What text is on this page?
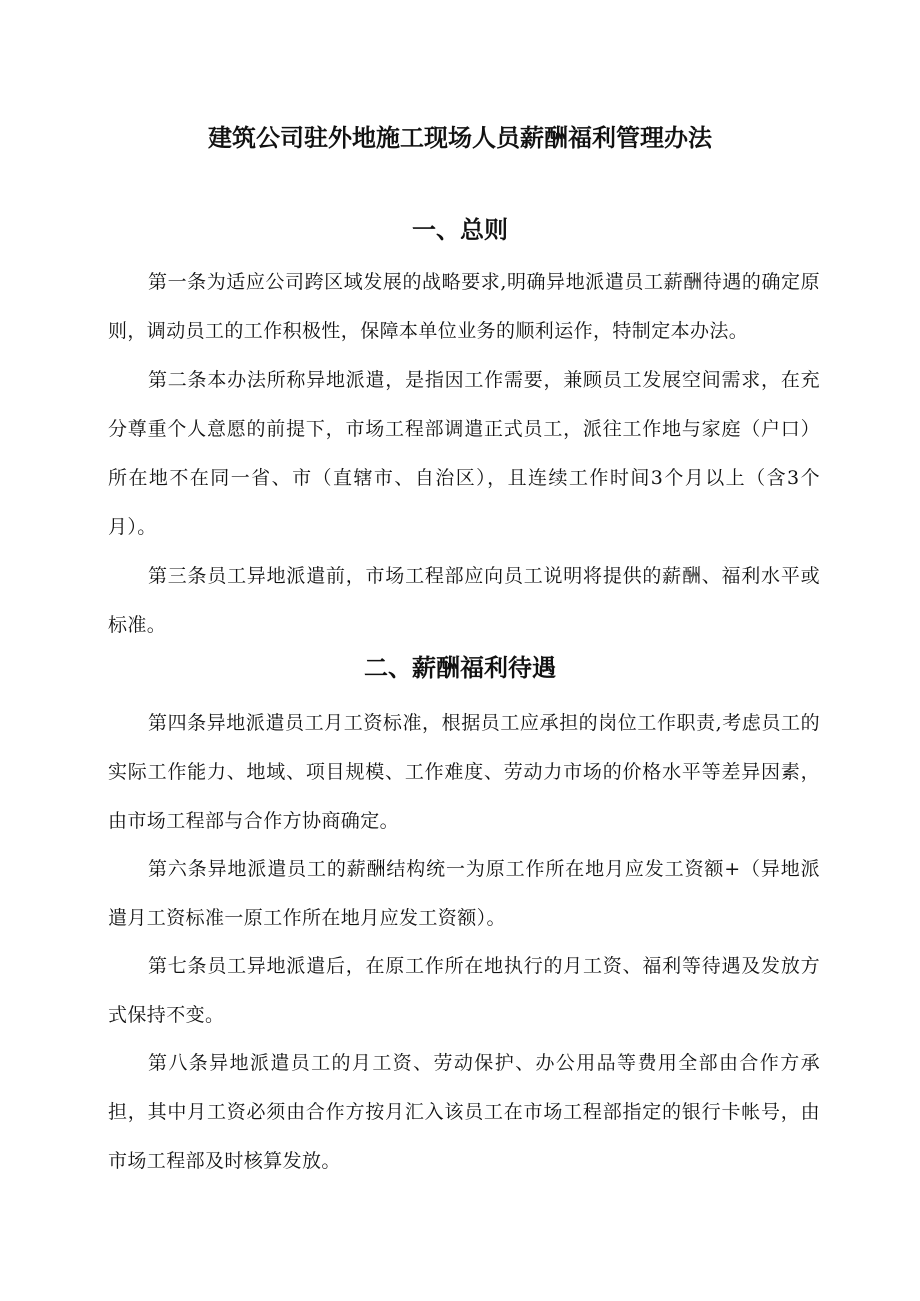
建筑公司驻外地施工现场人员薪酬福利管理办法
一、总则

第一条为适应公司跨区域发展的战略要求,明确异地派遣员工薪酬待遇的确定原则，调动员工的工作积极性，保障本单位业务的顺利运作，特制定本办法。

第二条本办法所称异地派遣，是指因工作需要，兼顾员工发展空间需求，在充分尊重个人意愿的前提下，市场工程部调遣正式员工，派往工作地与家庭（户口）所在地不在同一省、市（直辖市、自治区），且连续工作时间3个月以上（含3个月）。

第三条员工异地派遣前，市场工程部应向员工说明将提供的薪酬、福利水平或标准。

二、薪酬福利待遇

第四条异地派遣员工月工资标准，根据员工应承担的岗位工作职责,考虑员工的实际工作能力、地域、项目规模、工作难度、劳动力市场的价格水平等差异因素，由市场工程部与合作方协商确定。

第六条异地派遣员工的薪酬结构统一为原工作所在地月应发工资额+（异地派遣月工资标准一原工作所在地月应发工资额）。

第七条员工异地派遣后，在原工作所在地执行的月工资、福利等待遇及发放方式保持不变。

第八条异地派遣员工的月工资、劳动保护、办公用品等费用全部由合作方承担，其中月工资必须由合作方按月汇入该员工在市场工程部指定的银行卡帐号，由市场工程部及时核算发放。
